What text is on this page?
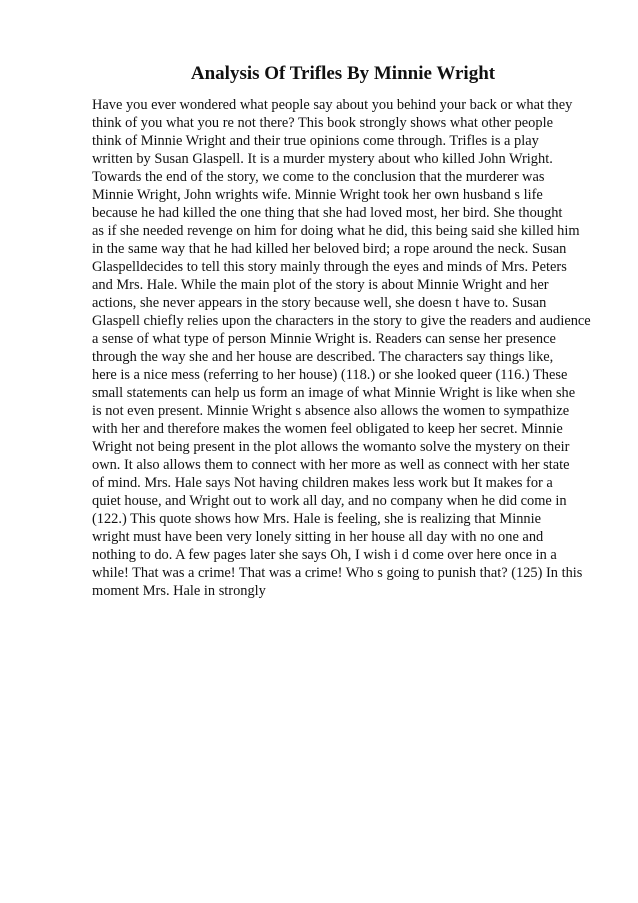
Analysis Of Trifles By Minnie Wright
Have you ever wondered what people say about you behind your back or what they
think of you what you re not there? This book strongly shows what other people
think of Minnie Wright and their true opinions come through. Trifles is a play
written by Susan Glaspell. It is a murder mystery about who killed John Wright.
Towards the end of the story, we come to the conclusion that the murderer was
Minnie Wright, John wrights wife. Minnie Wright took her own husband s life
because he had killed the one thing that she had loved most, her bird. She thought
as if she needed revenge on him for doing what he did, this being said she killed him
in the same way that he had killed her beloved bird; a rope around the neck. Susan
Glaspelldecides to tell this story mainly through the eyes and minds of Mrs. Peters
and Mrs. Hale. While the main plot of the story is about Minnie Wright and her
actions, she never appears in the story because well, she doesn t have to. Susan
Glaspell chiefly relies upon the characters in the story to give the readers and audience
a sense of what type of person Minnie Wright is. Readers can sense her presence
through the way she and her house are described. The characters say things like,
here is a nice mess (referring to her house) (118.) or she looked queer (116.) These
small statements can help us form an image of what Minnie Wright is like when she
is not even present. Minnie Wright s absence also allows the women to sympathize
with her and therefore makes the women feel obligated to keep her secret. Minnie
Wright not being present in the plot allows the womanto solve the mystery on their
own. It also allows them to connect with her more as well as connect with her state
of mind. Mrs. Hale says Not having children makes less work but It makes for a
quiet house, and Wright out to work all day, and no company when he did come in
(122.) This quote shows how Mrs. Hale is feeling, she is realizing that Minnie
wright must have been very lonely sitting in her house all day with no one and
nothing to do. A few pages later she says Oh, I wish i d come over here once in a
while! That was a crime! That was a crime! Who s going to punish that? (125) In this
moment Mrs. Hale in strongly
